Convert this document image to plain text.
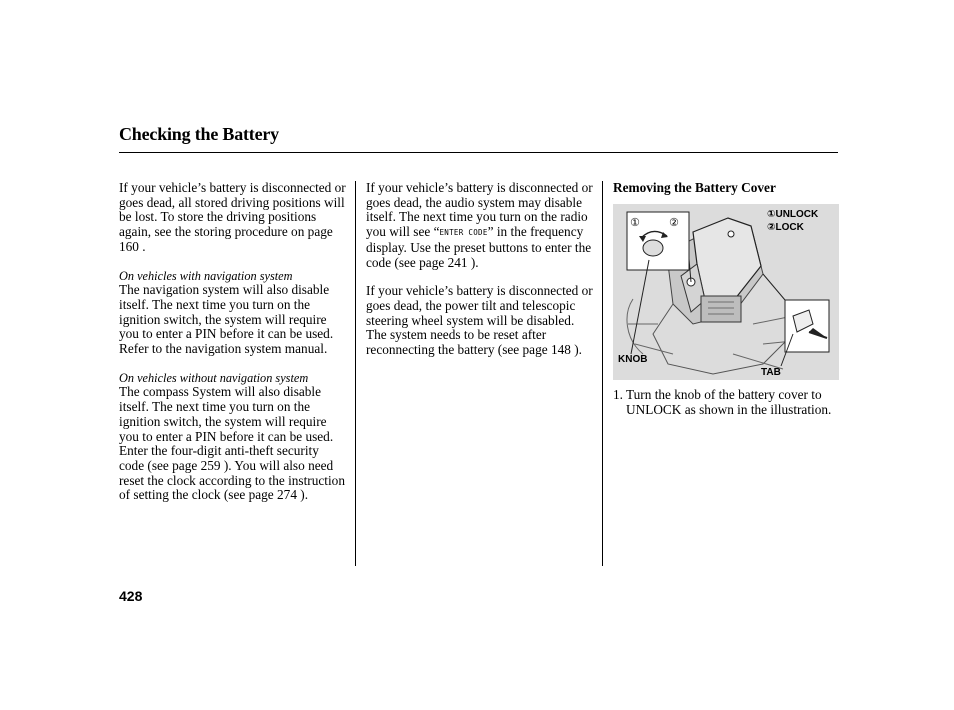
Checking the Battery

If your vehicle’s battery is disconnected or goes dead, all stored driving positions will be lost. To store the driving positions again, see the storing procedure on page 160 .

On vehicles with navigation system

The navigation system will also disable itself. The next time you turn on the ignition switch, the system will require you to enter a PIN before it can be used. Refer to the navigation system manual.

On vehicles without navigation system

The compass System will also disable itself. The next time you turn on the ignition switch, the system will require you to enter a PIN before it can be used. Enter the four-digit anti-theft security code (see page 259 ). You will also need reset the clock according to the instruction of setting the clock (see page 274 ).

If your vehicle’s battery is disconnected or goes dead, the audio system may disable itself. The next time you turn on the radio you will see “ENTER CODE” in the frequency display. Use the preset buttons to enter the code (see page 241 ).

If your vehicle’s battery is disconnected or goes dead, the power tilt and telescopic steering wheel system will be disabled. The system needs to be reset after reconnecting the battery (see page 148 ).

Removing the Battery Cover
①UNLOCK
②LOCK
①	②
KNOB
TAB
1. Turn the knob of the battery cover to UNLOCK as shown in the illustration.
428
